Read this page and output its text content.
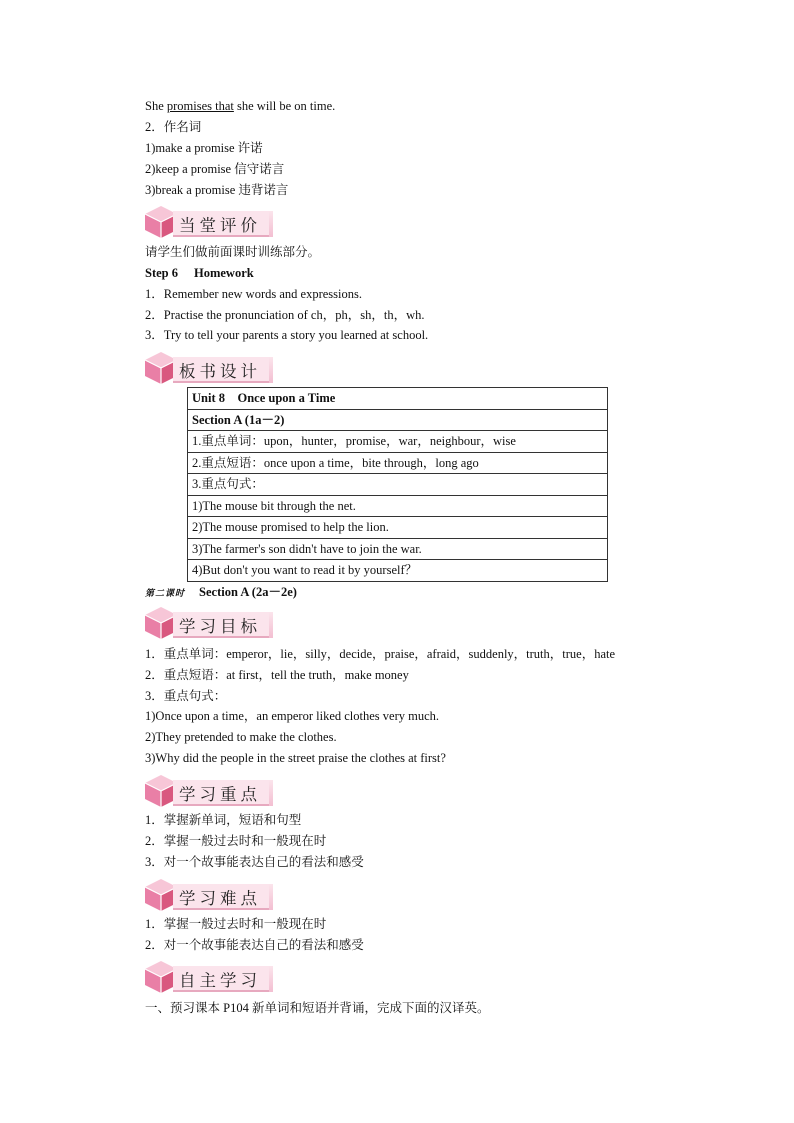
She promises that she will be on time.
2．作名词
1)make a promise 许诺
2)keep a promise 信守诺言
3)break a promise 违背诺言
当堂评价
请学生们做前面课时训练部分。
Step 6 Homework
1．Remember new words and expressions.
2．Practise the pronunciation of ch，ph，sh，th，wh.
3．Try to tell your parents a story you learned at school.
板书设计
Unit 8　Once upon a Time
Section A (1a－2)
1.重点单词：upon，hunter，promise，war，neighbour，wise
2.重点短语：once upon a time，bite through，long ago
3.重点句式：
1)The mouse bit through the net.
2)The mouse promised to help the lion.
3)The farmer's son didn't have to join the war.
4)But don't you want to read it by yourself？
第二课时 Section A (2a－2e)
学习目标
1．重点单词：emperor，lie，silly，decide，praise，afraid，suddenly，truth，true，hate
2．重点短语：at first，tell the truth，make money
3．重点句式：
1)Once upon a time，an emperor liked clothes very much.
2)They pretended to make the clothes.
3)Why did the people in the street praise the clothes at first?
学习重点
1．掌握新单词，短语和句型
2．掌握一般过去时和一般现在时
3．对一个故事能表达自己的看法和感受
学习难点
1．掌握一般过去时和一般现在时
2．对一个故事能表达自己的看法和感受
自主学习
一、预习课本 P104 新单词和短语并背诵，完成下面的汉译英。
